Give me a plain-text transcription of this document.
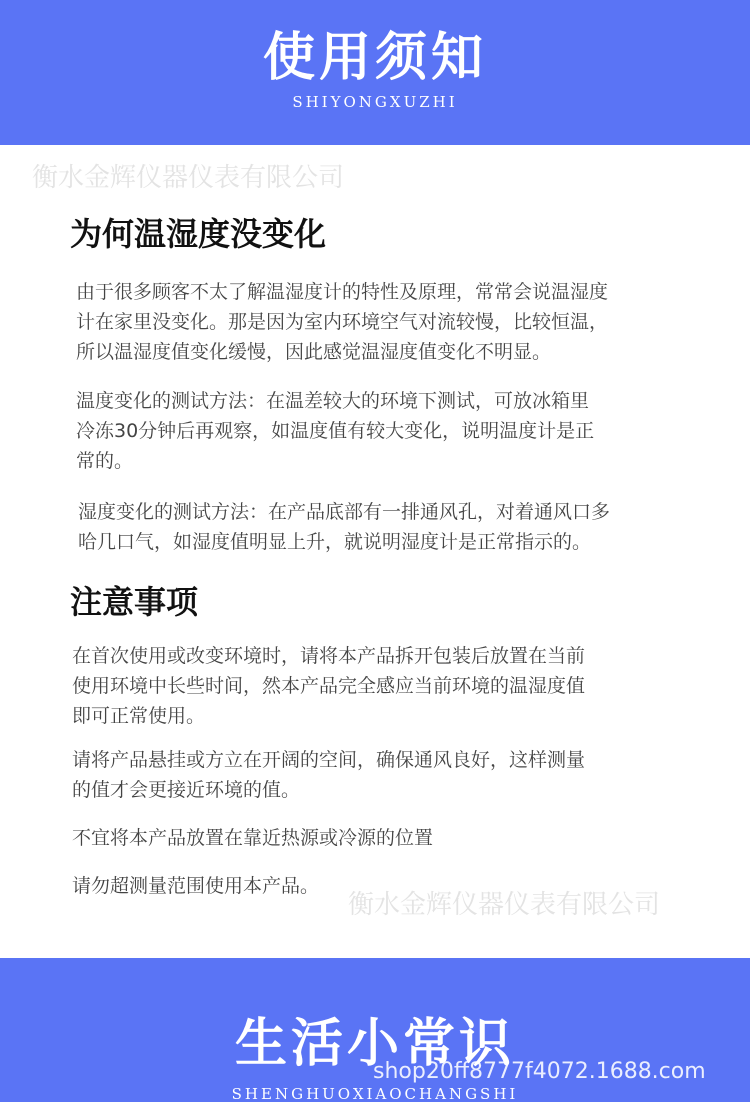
使用须知
SHIYONGXUZHI
衡水金辉仪器仪表有限公司
为何温湿度没变化

由于很多顾客不太了解温湿度计的特性及原理，常常会说温湿度
计在家里没变化。那是因为室内环境空气对流较慢，比较恒温，
所以温湿度值变化缓慢，因此感觉温湿度值变化不明显。

温度变化的测试方法：在温差较大的环境下测试，可放冰箱里
冷冻30分钟后再观察，如温度值有较大变化，说明温度计是正
常的。

湿度变化的测试方法：在产品底部有一排通风孔，对着通风口多
哈几口气，如湿度值明显上升，就说明湿度计是正常指示的。

注意事项

在首次使用或改变环境时，请将本产品拆开包装后放置在当前
使用环境中长些时间，然本产品完全感应当前环境的温湿度值
即可正常使用。

请将产品悬挂或方立在开阔的空间，确保通风良好，这样测量
的值才会更接近环境的值。

不宜将本产品放置在靠近热源或冷源的位置

请勿超测量范围使用本产品。

衡水金辉仪器仪表有限公司
生活小常识
SHENGHUOXIAOCHANGSHI
shop20ff8777f4072.1688.com
